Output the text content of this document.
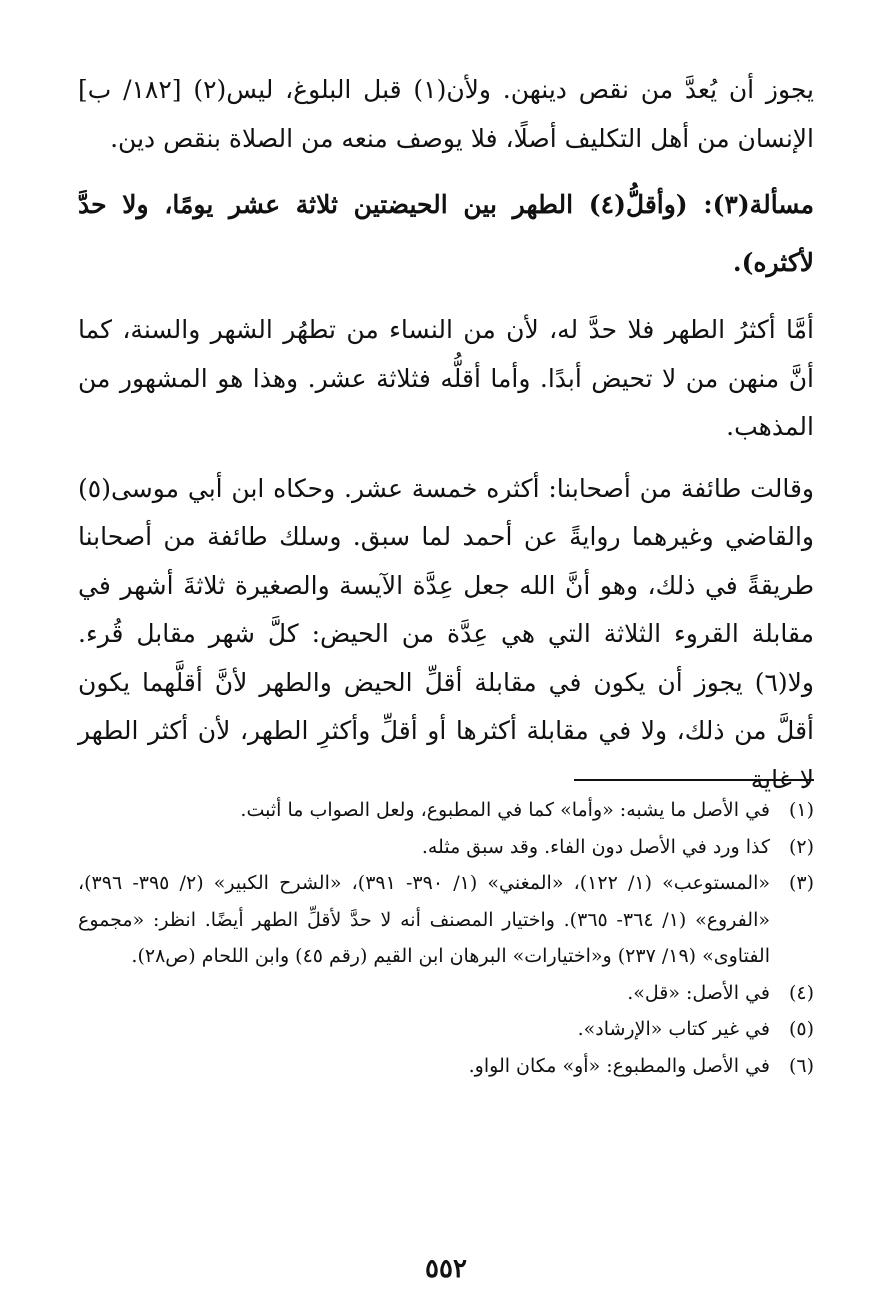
يجوز أن يُعدَّ من نقص دينهن. ولأن(١) قبل البلوغ، ليس(٢) [١٨٢/ ب] الإنسان من أهل التكليف أصلًا، فلا يوصف منعه من الصلاة بنقص دين.

مسألة(٣): (وأقلُّ(٤) الطهر بين الحيضتين ثلاثة عشر يومًا، ولا حدَّ لأكثره).

أمَّا أكثرُ الطهر فلا حدَّ له، لأن من النساء من تطهُر الشهر والسنة، كما أنَّ منهن من لا تحيض أبدًا. وأما أقلُّه فثلاثة عشر. وهذا هو المشهور من المذهب.

وقالت طائفة من أصحابنا: أكثره خمسة عشر. وحكاه ابن أبي موسى(٥) والقاضي وغيرهما روايةً عن أحمد لما سبق. وسلك طائفة من أصحابنا طريقةً في ذلك، وهو أنَّ الله جعل عِدَّة الآيسة والصغيرة ثلاثةَ أشهر في مقابلة القروء الثلاثة التي هي عِدَّة من الحيض: كلَّ شهر مقابل قُرء. ولا(٦) يجوز أن يكون في مقابلة أقلِّ الحيض والطهر لأنَّ أقلَّهما يكون أقلَّ من ذلك، ولا في مقابلة أكثرها أو أقلِّ وأكثرِ الطهر، لأن أكثر الطهر لا غاية

(١)
في الأصل ما يشبه: «وأما» كما في المطبوع، ولعل الصواب ما أثبت.
(٢)
كذا ورد في الأصل دون الفاء. وقد سبق مثله.
(٣)
«المستوعب» (١/ ١٢٢)، «المغني» (١/ ٣٩٠- ٣٩١)، «الشرح الكبير» (٢/ ٣٩٥- ٣٩٦)، «الفروع» (١/ ٣٦٤- ٣٦٥). واختيار المصنف أنه لا حدَّ لأقلِّ الطهر أيضًا. انظر: «مجموع الفتاوى» (١٩/ ٢٣٧) و«اختيارات» البرهان ابن القيم (رقم ٤٥) وابن اللحام (ص٢٨).
(٤)
في الأصل: «قل».
(٥)
في غير كتاب «الإرشاد».
(٦)
في الأصل والمطبوع: «أو» مكان الواو.
٥٥٢
